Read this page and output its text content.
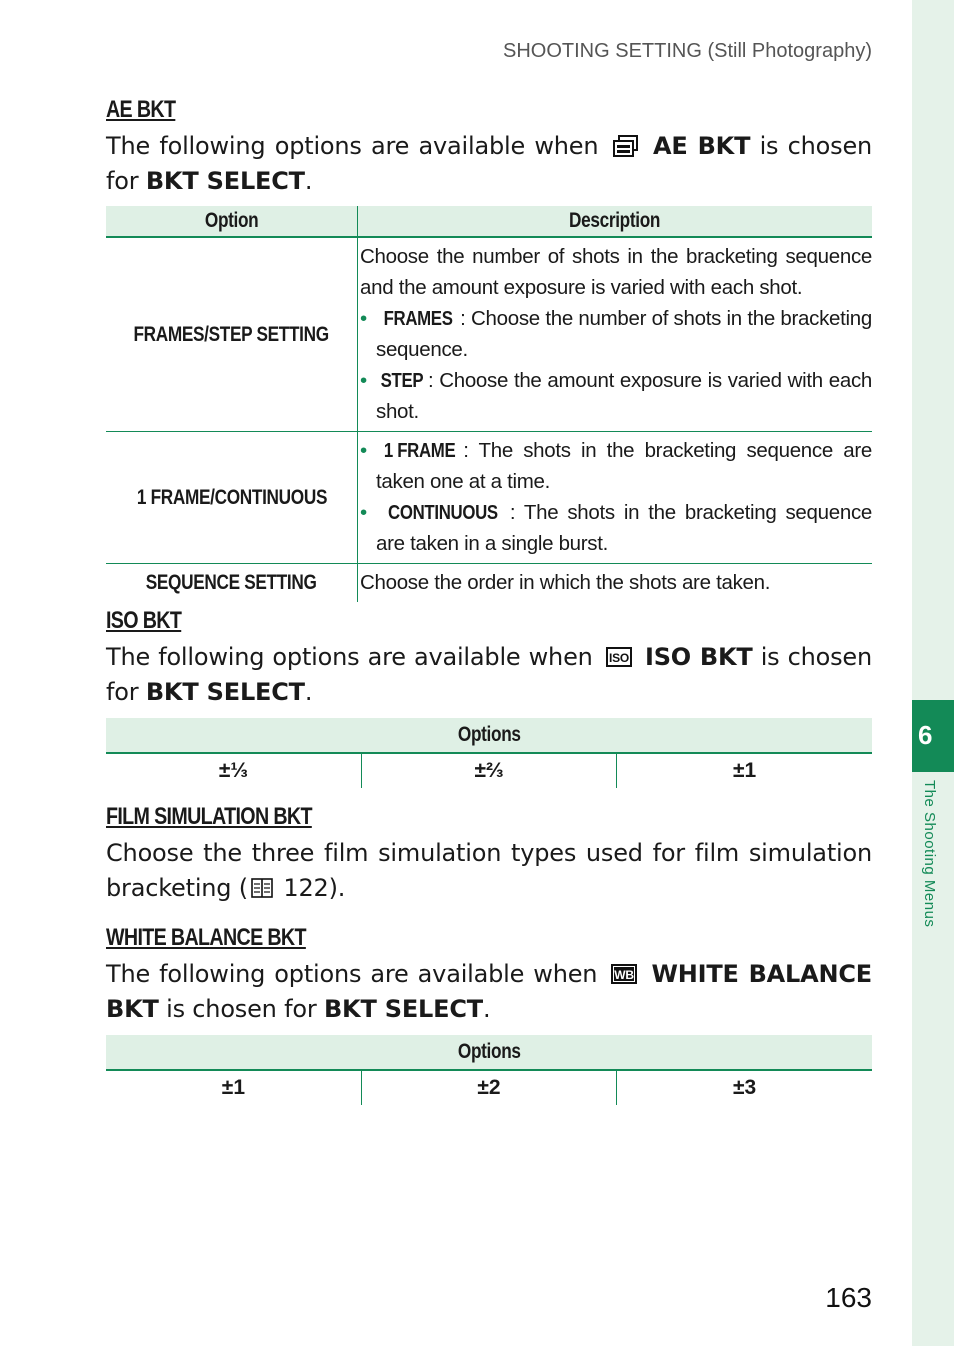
6
The Shooting Menus
SHOOTING SETTING (Still Photography)
AE BKT
The following options are available when AE BKT is chosen for BKT SELECT.
Option	Description
FRAMES/STEP SETTING	Choose the number of shots in the bracketing sequence and the amount exposure is varied with each shot.

• FRAMES : Choose the number of shots in the bracketing sequence.

• STEP : Choose the amount exposure is varied with each shot.

1 FRAME/CONTINUOUS	• 1 FRAME : The shots in the bracketing sequence are taken one at a time.

• CONTINUOUS : The shots in the bracketing sequence are taken in a single burst.

SEQUENCE SETTING	Choose the order in which the shots are taken.

ISO BKT
The following options are available when ISO ISO BKT is chosen for BKT SELECT.
Options
±⅓	±⅔	±1
FILM SIMULATION BKT
Choose the three film simulation types used for film simulation bracketing ( 122).
WHITE BALANCE BKT
The following options are available when WB WHITE BALANCE BKT is chosen for BKT SELECT.
Options
±1	±2	±3
163
